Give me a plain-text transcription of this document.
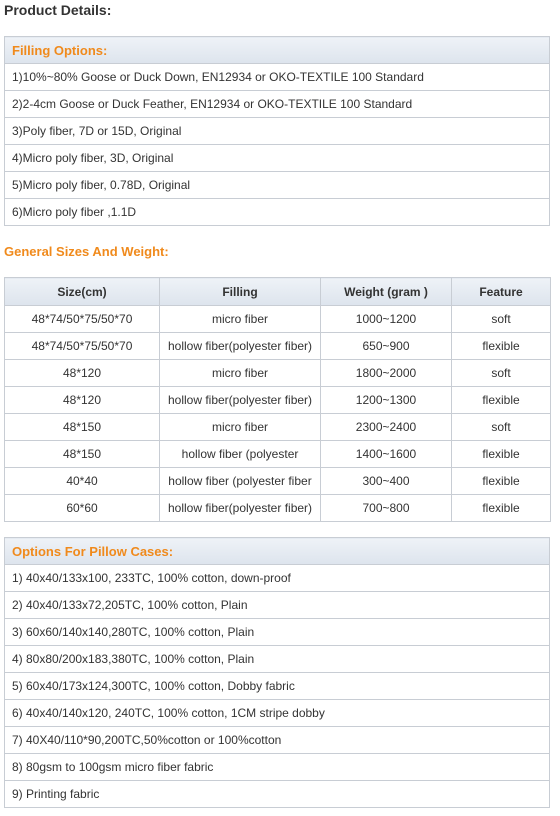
Product Details:
Filling Options:
1)10%~80% Goose or Duck Down, EN12934 or OKO-TEXTILE 100 Standard
2)2-4cm Goose or Duck Feather, EN12934 or OKO-TEXTILE 100 Standard
3)Poly fiber, 7D or 15D, Original
4)Micro poly fiber, 3D, Original
5)Micro poly fiber, 0.78D, Original
6)Micro poly fiber ,1.1D
General Sizes And Weight:
Size(cm)	Filling	Weight (gram )	Feature
48*74/50*75/50*70	micro fiber	1000~1200	soft
48*74/50*75/50*70	hollow fiber(polyester fiber)	650~900	flexible
48*120	micro fiber	1800~2000	soft
48*120	hollow fiber(polyester fiber)	1200~1300	flexible
48*150	micro fiber	2300~2400	soft
48*150	hollow fiber (polyester	1400~1600	flexible
40*40	hollow fiber (polyester fiber	300~400	flexible
60*60	hollow fiber(polyester fiber)	700~800	flexible
Options For Pillow Cases:
1) 40x40/133x100, 233TC, 100% cotton, down-proof
2) 40x40/133x72,205TC, 100% cotton, Plain
3) 60x60/140x140,280TC, 100% cotton, Plain
4) 80x80/200x183,380TC, 100% cotton, Plain
5) 60x40/173x124,300TC, 100% cotton, Dobby fabric
6) 40x40/140x120, 240TC, 100% cotton, 1CM stripe dobby
7) 40X40/110*90,200TC,50%cotton or 100%cotton
8) 80gsm to 100gsm micro fiber fabric
9) Printing fabric
